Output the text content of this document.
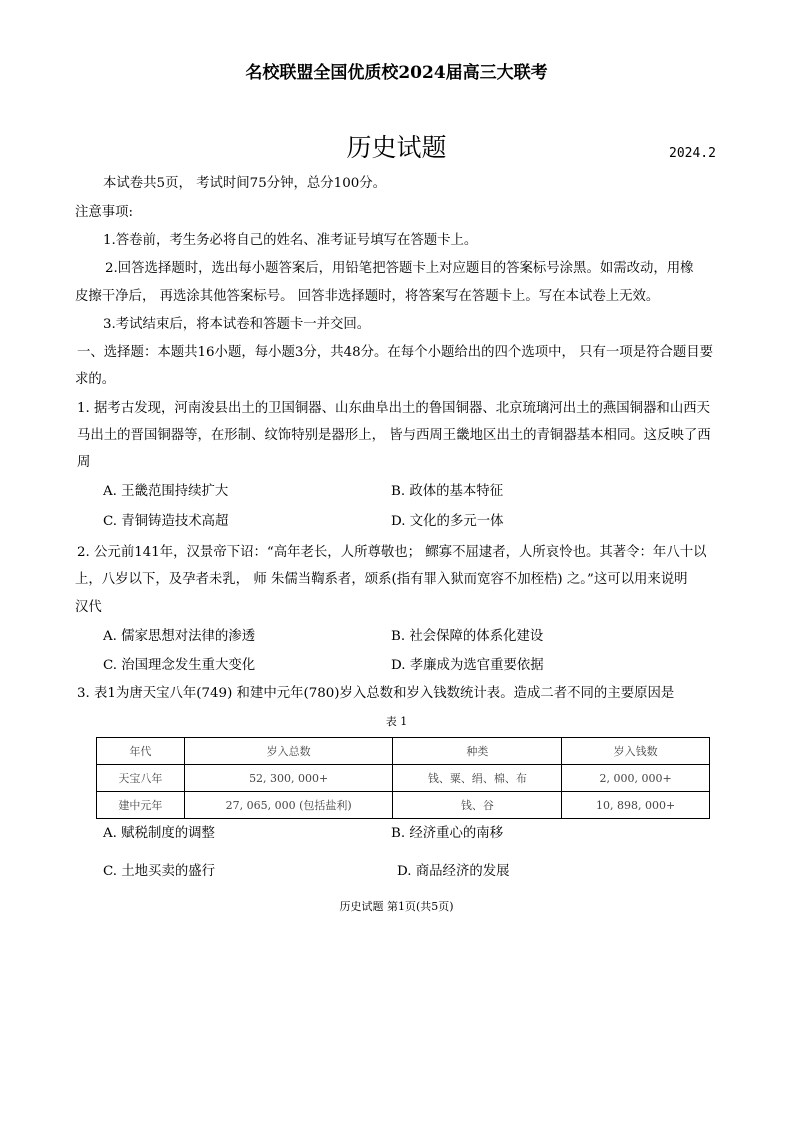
名校联盟全国优质校2024届高三大联考
历史试题	2024.2
本试卷共5页， 考试时间75分钟，总分100分。
注意事项:
1.答卷前，考生务必将自己的姓名、准考证号填写在答题卡上。
2.回答选择题时，选出每小题答案后，用铅笔把答题卡上对应题目的答案标号涂黑。如需改动，用橡
皮擦干净后， 再选涂其他答案标号。 回答非选择题时，将答案写在答题卡上。写在本试卷上无效。
3.考试结束后，将本试卷和答题卡一并交回。
一、选择题：本题共16小题，每小题3分，共48分。在每个小题给出的四个选项中， 只有一项是符合题目要
求的。
1. 据考古发现，河南浚县出土的卫国铜器、山东曲阜出土的鲁国铜器、北京琉璃河出土的燕国铜器和山西天
马出土的晋国铜器等，在形制、纹饰特别是器形上， 皆与西周王畿地区出土的青铜器基本相同。这反映了西
周
A. 王畿范围持续扩大	B. 政体的基本特征
C. 青铜铸造技术高超	D. 文化的多元一体
2. 公元前141年，汉景帝下诏：“高年老长，人所尊敬也； 鳏寡不屈逮者，人所哀怜也。其著令：年八十以
上，八岁以下，及孕者未乳， 师 朱儒当鞫系者，颂系(指有罪入狱而宽容不加桎梏) 之。”这可以用来说明
汉代
A. 儒家思想对法律的渗透	B. 社会保障的体系化建设
C. 治国理念发生重大变化	D. 孝廉成为选官重要依据
3. 表1为唐天宝八年(749) 和建中元年(780)岁入总数和岁入钱数统计表。造成二者不同的主要原因是
表 1
年代	岁入总数	种类	岁入钱数
天宝八年	52, 300, 000+	钱、粟、绢、棉、布	2, 000, 000+
建中元年	27, 065, 000 (包括盐利)	钱、谷	10, 898, 000+
A. 赋税制度的调整	B. 经济重心的南移
C. 土地买卖的盛行	D. 商品经济的发展
历史试题 第1页(共5页)
